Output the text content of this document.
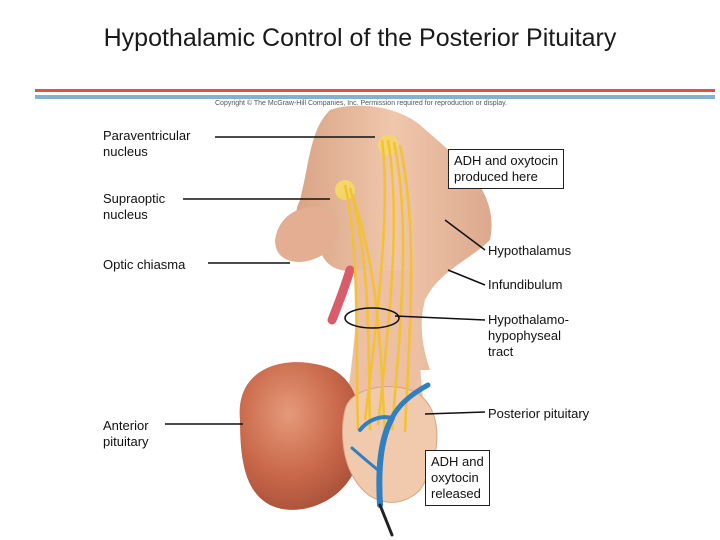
Hypothalamic Control of the Posterior Pituitary
Copyright © The McGraw-Hill Companies, Inc. Permission required for reproduction or display.
Paraventricular
nucleus
Supraoptic
nucleus
Optic chiasma
Anterior
pituitary
ADH and oxytocin
produced here
Hypothalamus
Infundibulum
Hypothalamo-
hypophyseal
tract
Posterior pituitary
ADH and
oxytocin
released
